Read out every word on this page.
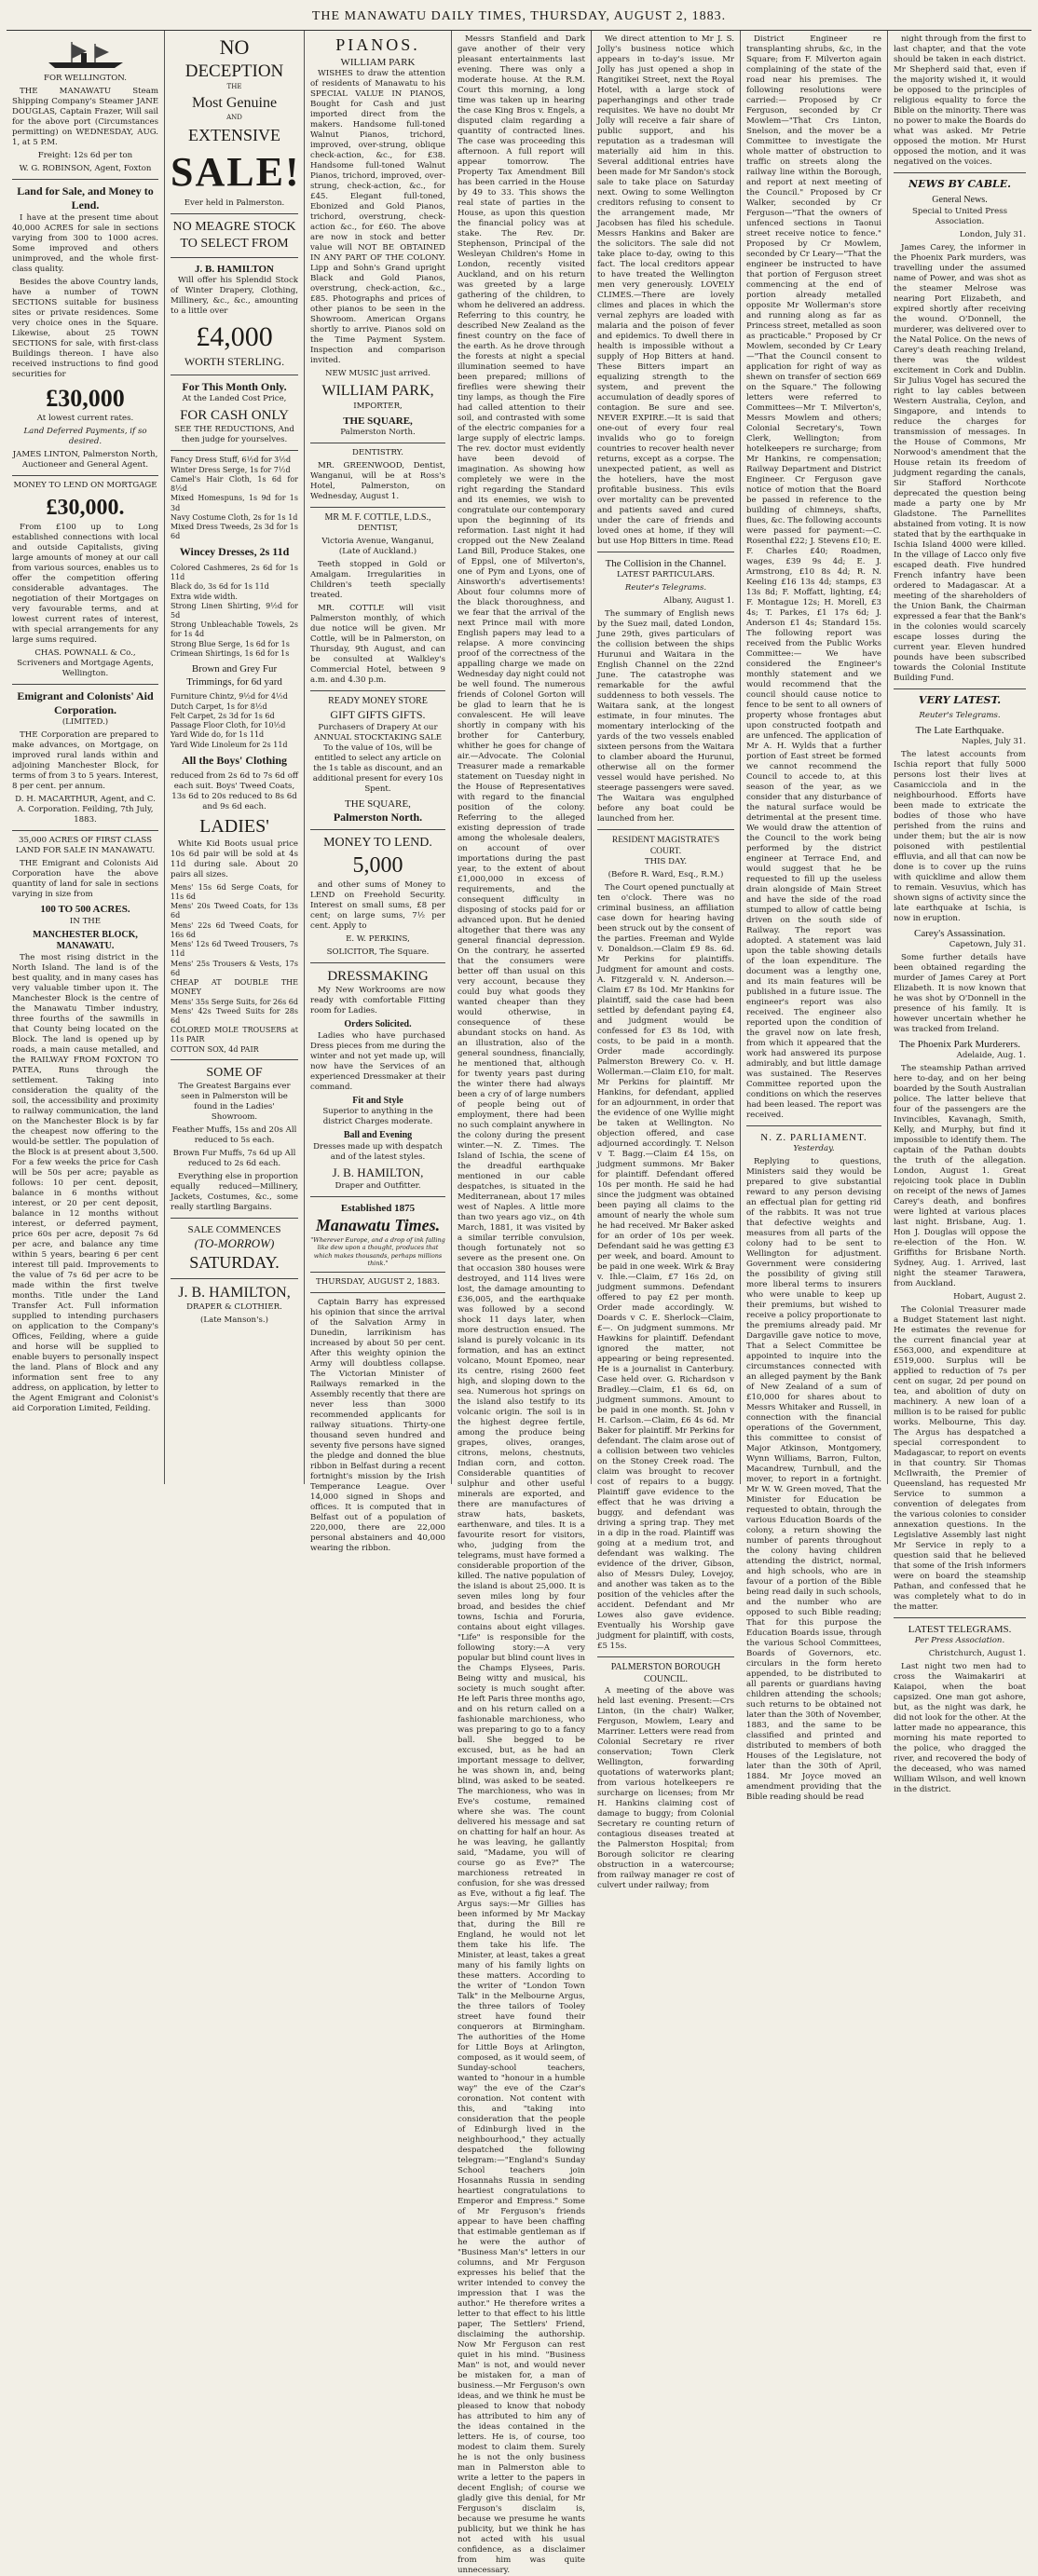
THE MANAWATU DAILY TIMES, THURSDAY, AUGUST 2, 1883.

FOR WELLINGTON.

THE MANAWATU Steam Shipping Company's Steamer JANE DOUGLAS, Captain Frazer, Will sail for the above port (Circumstances permitting) on WEDNESDAY, AUG. 1, at 5 P.M.

Freight: 12s 6d per ton

W. G. ROBINSON, Agent, Foxton

Land for Sale, and Money to Lend.

I have at the present time about 40,000 ACRES for sale in sections varying from 300 to 1000 acres. Some improved and others unimproved, and the whole first-class quality.

Besides the above Country lands, have a number of TOWN SECTIONS suitable for business sites or private residences. Some very choice ones in the Square. Likewise, about 25 TOWN SECTIONS for sale, with first-class Buildings thereon. I have also received instructions to find good securities for

£30,000

At lowest current rates.

Land Deferred Payments, if so desired.

JAMES LINTON, Palmerston North, Auctioneer and General Agent.

MONEY TO LEND ON MORTGAGE

£30,000.

From £100 up to Long established connections with local and outside Capitalists, giving large amounts of money at our call from various sources, enables us to offer the competition offering considerable advantages. The negotiation of their Mortgages on very favourable terms, and at lowest current rates of interest, with special arrangements for any large sums required.

CHAS. POWNALL & Co., Scriveners and Mortgage Agents, Wellington.

Emigrant and Colonists' Aid Corporation.

(LIMITED.)

THE Corporation are prepared to make advances, on Mortgage, on improved rural lands within and adjoining Manchester Block, for terms of from 3 to 5 years. Interest, 8 per cent. per annum.

D. H. MACARTHUR, Agent, and C. A. Corporation. Feilding, 7th July, 1883.

35,000 ACRES OF FIRST CLASS LAND FOR SALE IN MANAWATU.

THE Emigrant and Colonists Aid Corporation have the above quantity of land for sale in sections varying in size from

100 TO 500 ACRES.

IN THE

MANCHESTER BLOCK, MANAWATU.

The most rising district in the North Island. The land is of the best quality, and in many cases has very valuable timber upon it. The Manchester Block is the centre of the Manawatu Timber industry, three fourths of the sawmills in that County being located on the Block. The land is opened up by roads, a main cause metalled, and the RAILWAY FROM FOXTON TO PATEA, Runs through the settlement. Taking into consideration the quality of the soil, the accessibility and proximity to railway communication, the land on the Manchester Block is by far the cheapest now offering to the would-be settler. The population of the Block is at present about 3,500. For a few weeks the price for Cash will be 50s per acre; payable as follows: 10 per cent. deposit, balance in 6 months without interest, or 20 per cent deposit, balance in 12 months without interest, or deferred payment, price 60s per acre, deposit 7s 6d per acre, and balance any time within 5 years, bearing 6 per cent interest till paid. Improvements to the value of 7s 6d per acre to be made within the first twelve months. Title under the Land Transfer Act. Full information supplied to intending purchasers on application to the Company's Offices, Feilding, where a guide and horse will be supplied to enable buyers to personally inspect the land. Plans of Block and any information sent free to any address, on application, by letter to the Agent Emigrant and Colonist's aid Corporation Limited, Feilding.

NO
DECEPTION

THE

Most Genuine

AND

EXTENSIVE
SALE!

Ever held in Palmerston.

NO MEAGRE STOCK TO SELECT FROM
J. B. HAMILTON

Will offer his Splendid Stock of Winter Drapery, Clothing, Millinery, &c., &c., amounting to a little over

£4,000
WORTH STERLING.
For This Month Only.

At the Landed Cost Price,

FOR CASH ONLY

SEE THE REDUCTIONS, And then judge for yourselves.

Fancy Dress Stuff, 6½d for 3½d
Winter Dress Serge, 1s for 7½d
Camel's Hair Cloth, 1s 6d for 8½d
Mixed Homespuns, 1s 9d for 1s 3d
Navy Costume Cloth, 2s for 1s 1d
Mixed Dress Tweeds, 2s 3d for 1s 6d
Wincey Dresses, 2s 11d
Colored Cashmeres, 2s 6d for 1s 11d
Black do, 3s 6d for 1s 11d
Extra wide width.
Strong Linen Shirting, 9½d for 5d
Strong Unbleachable Towels, 2s for 1s 4d
Strong Blue Serge, 1s 6d for 1s
Crimean Shirtings, 1s 6d for 1s
Brown and Grey Fur Trimmings, for 6d yard
Furniture Chintz, 9½d for 4½d
Dutch Carpet, 1s for 8½d
Felt Carpet, 2s 3d for 1s 6d
Passage Floor Cloth, for 10½d
Yard Wide do, for 1s 11d
Yard Wide Linoleum for 2s 11d
All the Boys' Clothing

reduced from 2s 6d to 7s 6d off each suit. Boys' Tweed Coats, 13s 6d to 20s reduced to 8s 6d and 9s 6d each.

LADIES'

White Kid Boots usual price 10s 6d pair will be sold at 4s 11d during sale. About 20 pairs all sizes.

Mens' 15s 6d Serge Coats, for 11s 6d
Mens' 20s Tweed Coats, for 13s 6d
Mens' 22s 6d Tweed Coats, for 16s 6d
Mens' 12s 6d Tweed Trousers, 7s 11d
Mens' 25s Trousers & Vests, 17s 6d
CHEAP AT DOUBLE THE MONEY
Mens' 35s Serge Suits, for 26s 6d
Mens' 42s Tweed Suits for 28s 6d
COLORED MOLE TROUSERS at 11s PAIR
COTTON SOX, 4d PAIR
SOME OF

The Greatest Bargains ever seen in Palmerston will be found in the Ladies' Showroom.

Feather Muffs, 15s and 20s All reduced to 5s each.

Brown Fur Muffs, 7s 6d up All reduced to 2s 6d each.

Everything else in proportion equally reduced—Millinery, Jackets, Costumes, &c., some really startling Bargains.

SALE COMMENCES
(TO-MORROW)
SATURDAY.
J. B. HAMILTON,

DRAPER & CLOTHIER.

(Late Manson's.)

PIANOS.
WILLIAM PARK

WISHES to draw the attention of residents of Manawatu to his SPECIAL VALUE IN PIANOS, Bought for Cash and just imported direct from the makers. Handsome full-toned Walnut Pianos, trichord, improved, over-strung, oblique check-action, &c., for £38. Handsome full-toned Walnut Pianos, trichord, improved, over-strung, check-action, &c., for £45. Elegant full-toned, Ebonized and Gold Pianos, trichord, overstrung, check-action &c., for £60. The above are now in stock and better value will NOT BE OBTAINED IN ANY PART OF THE COLONY. Lipp and Sohn's Grand upright Black and Gold Pianos, overstrung, check-action, &c., £85. Photographs and prices of other pianos to be seen in the Showroom. American Organs shortly to arrive. Pianos sold on the Time Payment System. Inspection and comparison invited.

NEW MUSIC just arrived.

WILLIAM PARK,

IMPORTER,

THE SQUARE,

Palmerston North.

DENTISTRY.

MR. GREENWOOD, Dentist, Wanganui, will be at Ross's Hotel, Palmerston, on Wednesday, August 1.

MR M. F. COTTLE, L.D.S.,

DENTIST,

Victoria Avenue, Wanganui, (Late of Auckland.)

Teeth stopped in Gold or Amalgam. Irregularities in Children's teeth specially treated.

MR. COTTLE will visit Palmerston monthly, of which due notice will be given. Mr Cottle, will be in Palmerston, on Thursday, 9th August, and can be consulted at Walkley's Commercial Hotel, between 9 a.m. and 4.30 p.m.

READY MONEY STORE
GIFT GIFTS GIFTS.

Purchasers of Drapery At our ANNUAL STOCKTAKING SALE To the value of 10s, will be entitled to select any article on the 1s table as discount, and an additional present for every 10s Spent.

THE SQUARE,
Palmerston North.
MONEY TO LEND.
5,000

and other sums of Money to LEND on Freehold Security. Interest on small sums, £8 per cent; on large sums, 7½ per cent. Apply to

E. W. PERKINS,

SOLICITOR, The Square.

DRESSMAKING

My New Workrooms are now ready with comfortable Fitting room for Ladies.

Orders Solicited.

Ladies who have purchased Dress pieces from me during the winter and not yet made up, will now have the Services of an experienced Dressmaker at their command.

Fit and Style

Superior to anything in the district Charges moderate.

Ball and Evening

Dresses made up with despatch and of the latest styles.

J. B. HAMILTON,

Draper and Outfitter.

Established 1875
Manawatu Times.

"Wherever Europe, and a drop of ink falling like dew upon a thought, produces that which makes thousands, perhaps millions think."

THURSDAY, AUGUST 2, 1883.

Captain Barry has expressed his opinion that since the arrival of the Salvation Army in Dunedin, larrikinism has increased by about 50 per cent. After this weighty opinion the Army will doubtless collapse. The Victorian Minister of Railways remarked in the Assembly recently that there are never less than 3000 recommended applicants for railway situations. Thirty-one thousand seven hundred and seventy five persons have signed the pledge and donned the blue ribbon in Belfast during a recent fortnight's mission by the Irish Temperance League. Over 14,000 signed in Shops and offices. It is computed that in Belfast out of a population of 220,000, there are 22,000 personal abstainers and 40,000 wearing the ribbon.

Messrs Stanfield and Dark gave another of their very pleasant entertainments last evening. There was only a moderate house. At the R.M. Court this morning, a long time was taken up in hearing the case King Bros v. Engels, a disputed claim regarding a quantity of contracted lines. The case was proceeding this afternoon. A full report will appear tomorrow. The Property Tax Amendment Bill has been carried in the House by 49 to 33. This shows the real state of parties in the House, as upon this question the financial policy was at stake. The Rev. Dr. Stephenson, Principal of the Wesleyan Children's Home in London, recently visited Auckland, and on his return was greeted by a large gathering of the children, to whom he delivered an address. Referring to this country, he described New Zealand as the finest country on the face of the earth. As he drove through the forests at night a special illumination seemed to have been prepared; millions of fireflies were shewing their tiny lamps, as though the Fire had called attention to their soil, and contrasted with some of the electric companies for a large supply of electric lamps. The rev. doctor must evidently have been devoid of imagination. As showing how completely we were in the right regarding the Standard and its enemies, we wish to congratulate our contemporary upon the beginning of its reformation. Last night it had cropped out the New Zealand Land Bill, Produce Stakes, one of Eppsl, one of Milverton's, one of Pym and Lyons, one of Ainsworth's advertisements! About four columns more of the black thoroughness, and we fear that the arrival of the next Prince mail with more English papers may lead to a relapse. A more convincing proof of the correctness of the appalling charge we made on Wednesday day night could not be well found. The numerous friends of Colonel Gorton will be glad to learn that he is convalescent. He will leave shortly in company with his brother for Canterbury, whither he goes for change of air.—Advocate. The Colonial Treasurer made a remarkable statement on Tuesday night in the House of Representatives with regard to the financial position of the colony. Referring to the alleged existing depression of trade among the wholesale dealers, on account of over importations during the past year, to the extent of about £1,000,000 in excess of requirements, and the consequent difficulty in disposing of stocks paid for or advanced upon. But he denied altogether that there was any general financial depression. On the contrary, he asserted that the consumers were better off than usual on this very account, because they could buy what goods they wanted cheaper than they would otherwise, in consequence of these abundant stocks on hand. As an illustration, also of the general soundness, financially, he mentioned that, although for twenty years past during the winter there had always been a cry of of large numbers of people being out of employment, there had been no such complaint anywhere in the colony during the present winter.—N. Z. Times. The Island of Ischia, the scene of the dreadful earthquake mentioned in our cable despatches, is situated in the Mediterranean, about 17 miles west of Naples. A little more than two years ago viz., on 4th March, 1881, it was visited by a similar terrible convulsion, though fortunately not so severe as the present one. On that occasion 380 houses were destroyed, and 114 lives were lost, the damage amounting to £36,005, and the earthquake was followed by a second shock 11 days later, when more destruction ensued. The island is purely volcanic in its formation, and has an extinct volcano, Mount Epomeo, near its centre, rising 2600 feet high, and sloping down to the sea. Numerous hot springs on the island also testify to its volcanic origin. The soil is in the highest degree fertile, among the produce being grapes, olives, oranges, citrons, melons, chestnuts, Indian corn, and cotton. Considerable quantities of sulphur and other useful minerals are exported, and there are manufactures of straw hats, baskets, earthenware, and tiles. It is a favourite resort for visitors, who, judging from the telegrams, must have formed a considerable proportion of the killed. The native population of the island is about 25,000. It is seven miles long by four broad, and besides the chief towns, Ischia and Foruria, contains about eight villages. "Life" is responsible for the following story:—A very popular but blind count lives in the Champs Elysees, Paris. Being witty and musical, his society is much sought after. He left Paris three months ago, and on his return called on a fashionable marchioness, who was preparing to go to a fancy ball. She begged to be excused, but, as he had an important message to deliver, he was shown in, and, being blind, was asked to be seated. The marchioness, who was in Eve's costume, remained where she was. The count delivered his message and sat on chatting for half an hour. As he was leaving, he gallantly said, "Madame, you will of course go as Eve?" The marchioness retreated in confusion, for she was dressed as Eve, without a fig leaf. The Argus says:—Mr Gillies has been informed by Mr Mackay that, during the Bill re England, he would not let them take his life. The Minister, at least, takes a great many of his family lights on these matters. According to the writer of "London Town Talk" in the Melbourne Argus, the three tailors of Tooley street have found their conquerors at Birmingham. The authorities of the Home for Little Boys at Arlington, composed, as it would seem, of Sunday-school teachers, wanted to "honour in a humble way" the eve of the Czar's coronation. Not content with this, and "taking into consideration that the people of Edinburgh lived in the neighbourhood," they actually despatched the following telegram:—"England's Sunday School teachers join Hosannahs Russia in sending heartiest congratulations to Emperor and Empress." Some of Mr Ferguson's friends appear to have been chaffing that estimable gentleman as if he were the author of "Business Man's" letters in our columns, and Mr Ferguson expresses his belief that the writer intended to convey the impression that I was the author." He therefore writes a letter to that effect to his little paper, The Settlers' Friend, disclaiming the authorship. Now Mr Ferguson can rest quiet in his mind. "Business Man" is not, and would never be mistaken for, a man of business.—Mr Ferguson's own ideas, and we think he must be pleased to know that nobody has attributed to him any of the ideas contained in the letters. He is, of course, too modest to claim them. Surely he is not the only business man in Palmerston able to write a letter to the papers in decent English; of course we gladly give this denial, for Mr Ferguson's disclaim is, because we presume he wants publicity, but we think he has not acted with his usual confidence, as a disclaimer from him was quite unnecessary.

We direct attention to Mr J. S. Jolly's business notice which appears in to-day's issue. Mr Jolly has just opened a shop in Rangitikei Street, next the Royal Hotel, with a large stock of paperhangings and other trade requisites. We have no doubt Mr Jolly will receive a fair share of public support, and his reputation as a tradesman will materially aid him in this. Several additional entries have been made for Mr Sandon's stock sale to take place on Saturday next. Owing to some Wellington creditors refusing to consent to the arrangement made, Mr Jacobsen has filed his schedule. Messrs Hankins and Baker are the solicitors. The sale did not take place to-day, owing to this fact. The local creditors appear to have treated the Wellington men very generously. LOVELY CLIMES.—There are lovely climes and places in which the vernal zephyrs are loaded with malaria and the poison of fever and epidemics. To dwell there in health is impossible without a supply of Hop Bitters at hand. These Bitters impart an equalizing strength to the system, and prevent the accumulation of deadly spores of contagion. Be sure and see. NEVER EXPIRE.—It is said that one-out of every four real invalids who go to foreign countries to recover health never returns, except as a corpse. The unexpected patient, as well as the hoteliers, have the most profitable business. This evils over mortality can be prevented and patients saved and cured under the care of friends and loved ones at home, if they will but use Hop Bitters in time. Read

The Collision in the Channel.

LATEST PARTICULARS.

Reuter's Telegrams.

Albany, August 1.

The summary of English news by the Suez mail, dated London, June 29th, gives particulars of the collision between the ships Hurunui and Waitara in the English Channel on the 22nd June. The catastrophe was remarkable for the awful suddenness to both vessels. The Waitara sank, at the longest estimate, in four minutes. The momentary interlocking of the yards of the two vessels enabled sixteen persons from the Waitara to clamber aboard the Hurunui, otherwise all on the former vessel would have perished. No steerage passengers were saved. The Waitara was engulphed before any boat could be launched from her.

RESIDENT MAGISTRATE'S COURT.

THIS DAY.

(Before R. Ward, Esq., R.M.)

The Court opened punctually at ten o'clock. There was no criminal business, an affiliation case down for hearing having been struck out by the consent of the parties. Freeman and Wylde v. Donaldson.—Claim £9 8s. 6d. Mr Perkins for plaintiffs. Judgment for amount and costs. A. Fitzgerald v. N. Anderson.—Claim £7 8s 10d. Mr Hankins for plaintiff, said the case had been settled by defendant paying £4, and judgment would be confessed for £3 8s 10d, with costs, to be paid in a month. Order made accordingly. Palmerston Brewery Co. v. H. Wollerman.—Claim £10, for malt. Mr Perkins for plaintiff. Mr Hankins, for defendant, applied for an adjournment, in order that the evidence of one Wyllie might be taken at Wellington. No objection offered, and case adjourned accordingly. T. Nelson v T. Bagg.—Claim £4 15s, on judgment summons. Mr Baker for plaintiff. Defendant offered 10s per month. He said he had since the judgment was obtained been paying all claims to the amount of nearly the whole sum he had received. Mr Baker asked for an order of 10s per week. Defendant said he was getting £3 per week, and board. Amount to be paid in one week. Wirk & Bray v. Ihle.—Claim, £7 16s 2d, on judgment summons. Defendant offered to pay £2 per month. Order made accordingly. W. Doards v C. E. Sherlock—Claim, £—. On judgment summons. Mr Hawkins for plaintiff. Defendant ignored the matter, not appearing or being represented. He is a journalist in Canterbury. Case held over. G. Richardson v Bradley.—Claim, £1 6s 6d, on judgment summons. Amount to be paid in one month. St. John v H. Carlson.—Claim, £6 4s 6d. Mr Baker for plaintiff. Mr Perkins for defendant. The claim arose out of a collision between two vehicles on the Stoney Creek road. The claim was brought to recover cost of repairs to a buggy. Plaintiff gave evidence to the effect that he was driving a buggy, and defendant was driving a spring trap. They met in a dip in the road. Plaintiff was going at a medium trot, and defendant was walking. The evidence of the driver, Gibson, also of Messrs Duley, Lovejoy, and another was taken as to the position of the vehicles after the accident. Defendant and Mr Lowes also gave evidence. Eventually his Worship gave judgment for plaintiff, with costs, £5 15s.

PALMERSTON BOROUGH COUNCIL.

A meeting of the above was held last evening. Present:—Crs Linton, (in the chair) Walker, Ferguson, Mowlem, Leary and Marriner. Letters were read from Colonial Secretary re river conservation; Town Clerk Wellington, forwarding quotations of waterworks plant; from various hotelkeepers re surcharge on licenses; from Mr H. Hankins claiming cost of damage to buggy; from Colonial Secretary re counting return of contagious diseases treated at the Palmerston Hospital; from Borough solicitor re clearing obstruction in a watercourse; from railway manager re cost of culvert under railway; from

District Engineer re transplanting shrubs, &c, in the Square; from F. Milverton again complaining of the state of the road near his premises. The following resolutions were carried:— Proposed by Cr Ferguson, seconded by Cr Mowlem—"That Crs Linton, Snelson, and the mover be a Committee to investigate the whole matter of obstruction to traffic on streets along the railway line within the Borough, and report at next meeting of the Council." Proposed by Cr Walker, seconded by Cr Ferguson—"That the owners of unfenced sections in Taonui street receive notice to fence." Proposed by Cr Mowlem, seconded by Cr Leary—"That the engineer be instructed to have that portion of Ferguson street commencing at the end of portion already metalled opposite Mr Wollerman's store and running along as far as Princess street, metalled as soon as practicable." Proposed by Cr Mowlem, seconded by Cr Leary—"That the Council consent to application for right of way as shewn on transfer of section 669 on the Square." The following letters were referred to Committees—Mr T. Milverton's, Messrs Mowlem and others; Colonial Secretary's, Town Clerk, Wellington; from hotelkeepers re surcharge; from Mr Hankins, re compensation; Railway Department and District Engineer. Cr Ferguson gave notice of motion that the Board be passed in reference to the building of chimneys, shafts, flues, &c. The following accounts were passed for payment:—C. Rosenthal £22; J. Stevens £10; E. F. Charles £40; Roadmen, wages, £39 9s 4d; E. J. Armstrong, £10 8s 4d; R. N. Keeling £16 13s 4d; stamps, £3 13s 8d; F. Moffatt, lighting, £4; F. Montague 12s; H. Morell, £3 4s; T. Parkes, £1 17s 6d; J. Anderson £1 4s; Standard 15s. The following report was received from the Public Works Committee:— We have considered the Engineer's monthly statement and we would recommend that the council should cause notice to fence to be sent to all owners of property whose frontages abut upon constructed footpath and are unfenced. The application of Mr A. H. Wylds that a further portion of East street be formed we cannot recommend the Council to accede to, at this season of the year, as we consider that any disturbance of the natural surface would be detrimental at the present time. We would draw the attention of the Council to the work being performed by the district engineer at Terrace End, and would suggest that he be requested to fill up the useless drain alongside of Main Street and have the side of the road stumped to allow of cattle being driven on the south side of Railway. The report was adopted. A statement was laid upon the table showing details of the loan expenditure. The document was a lengthy one, and its main features will be published in a future issue. The engineer's report was also received. The engineer also reported upon the condition of the gravel now on late fresh, from which it appeared that the work had answered its purpose admirably, and but little damage was sustained. The Reserves Committee reported upon the conditions on which the reserves had been leased. The report was received.

N. Z. PARLIAMENT.

Yesterday.

Replying to questions, Ministers said they would be prepared to give substantial reward to any person devising an effectual plan for getting rid of the rabbits. It was not true that defective weights and measures from all parts of the colony had to be sent to Wellington for adjustment. Government were considering the possibility of giving still more liberal terms to insurers who were unable to keep up their premiums, but wished to receive a policy proportionate to the premiums already paid. Mr Dargaville gave notice to move, That a Select Committee be appointed to inquire into the circumstances connected with an alleged payment by the Bank of New Zealand of a sum of £10,000 for shares about to Messrs Whitaker and Russell, in connection with the financial operations of the Government, this committee to consist of Major Atkinson, Montgomery, Wynn Williams, Barron, Fulton, Macandrew, Turnbull, and the mover, to report in a fortnight. Mr W. W. Green moved, That the Minister for Education be requested to obtain, through the various Education Boards of the colony, a return showing the number of parents throughout the colony having children attending the district, normal, and high schools, who are in favour of a portion of the Bible being read daily in such schools, and the number who are opposed to such Bible reading; That for this purpose the Education Boards issue, through the various School Committees, Boards of Governors, etc. circulars in the form hereto appended, to be distributed to all parents or guardians having children attending the schools; such returns to be obtained not later than the 30th of November, 1883, and the same to be classified and printed and distributed to members of both Houses of the Legislature, not later than the 30th of April, 1884. Mr Joyce moved an amendment providing that the Bible reading should be read

night through from the first to last chapter, and that the vote should be taken in each district. Mr Shepherd said that, even if the majority wished it, it would be opposed to the principles of religious equality to force the Bible on the minority. There was no power to make the Boards do what was asked. Mr Petrie opposed the motion. Mr Hurst opposed the motion, and it was negatived on the voices.

NEWS BY CABLE.
General News.

Special to United Press Association.

London, July 31.

James Carey, the informer in the Phoenix Park murders, was travelling under the assumed name of Power, and was shot as the steamer Melrose was nearing Port Elizabeth, and expired shortly after receiving the wound. O'Donnell, the murderer, was delivered over to the Natal Police. On the news of Carey's death reaching Ireland, there was the wildest excitement in Cork and Dublin. Sir Julius Vogel has secured the right to lay cables between Western Australia, Ceylon, and Singapore, and intends to reduce the charges for transmission of messages. In the House of Commons, Mr Norwood's amendment that the House retain its freedom of judgment regarding the canals, Sir Stafford Northcote deprecated the question being made a party one by Mr Gladstone. The Parnellites abstained from voting. It is now stated that by the earthquake in Ischia Island 4000 were killed. In the village of Lacco only five escaped death. Five hundred French infantry have been ordered to Madagascar. At a meeting of the shareholders of the Union Bank, the Chairman expressed a fear that the Bank's in the colonies would scarcely escape losses during the current year. Eleven hundred pounds have been subscribed towards the Colonial Institute Building Fund.

VERY LATEST.

Reuter's Telegrams.

The Late Earthquake.

Naples, July 31.

The latest accounts from Ischia report that fully 5000 persons lost their lives at Casamicciola and in the neighbourhood. Efforts have been made to extricate the bodies of those who have perished from the ruins and under them; but the air is now poisoned with pestilential effluvia, and all that can now be done is to cover up the ruins with quicklime and allow them to remain. Vesuvius, which has shown signs of activity since the late earthquake at Ischia, is now in eruption.

Carey's Assassination.

Capetown, July 31.

Some further details have been obtained regarding the murder of James Carey at Port Elizabeth. It is now known that he was shot by O'Donnell in the presence of his family. It is however uncertain whether he was tracked from Ireland.

The Phoenix Park Murderers.

Adelaide, Aug. 1.

The steamship Pathan arrived here to-day, and on her being boarded by the South Australian police. The latter believe that four of the passengers are the Invincibles, Kavanagh, Smith, Kelly, and Murphy, but find it impossible to identify them. The captain of the Pathan doubts the truth of the allegation. London, August 1. Great rejoicing took place in Dublin on receipt of the news of James Carey's death, and bonfires were lighted at various places last night. Brisbane, Aug. 1. Hon J. Douglas will oppose the re-election of the Hon. W. Griffiths for Brisbane North. Sydney, Aug. 1. Arrived, last night the steamer Tarawera, from Auckland.

Hobart, August 2.

The Colonial Treasurer made a Budget Statement last night. He estimates the revenue for the current financial year at £563,000, and expenditure at £519,000. Surplus will be applied to reduction of 7s per cent on sugar, 2d per pound on tea, and abolition of duty on machinery. A new loan of a million is to be raised for public works. Melbourne, This day. The Argus has despatched a special correspondent to Madagascar, to report on events in that country. Sir Thomas McIlwraith, the Premier of Queensland, has requested Mr Service to summon a convention of delegates from the various colonies to consider annexation questions. In the Legislative Assembly last night Mr Service in reply to a question said that he believed that some of the Irish informers were on board the steamship Pathan, and confessed that he was completely what to do in the matter.

LATEST TELEGRAMS.

Per Press Association.

Christchurch, August 1.

Last night two men had to cross the Waimakariri at Kaiapoi, when the boat capsized. One man got ashore, but, as the night was dark, he did not look for the other. At the latter made no appearance, this morning his mate reported to the police, who dragged the river, and recovered the body of the deceased, who was named William Wilson, and well known in the district.
